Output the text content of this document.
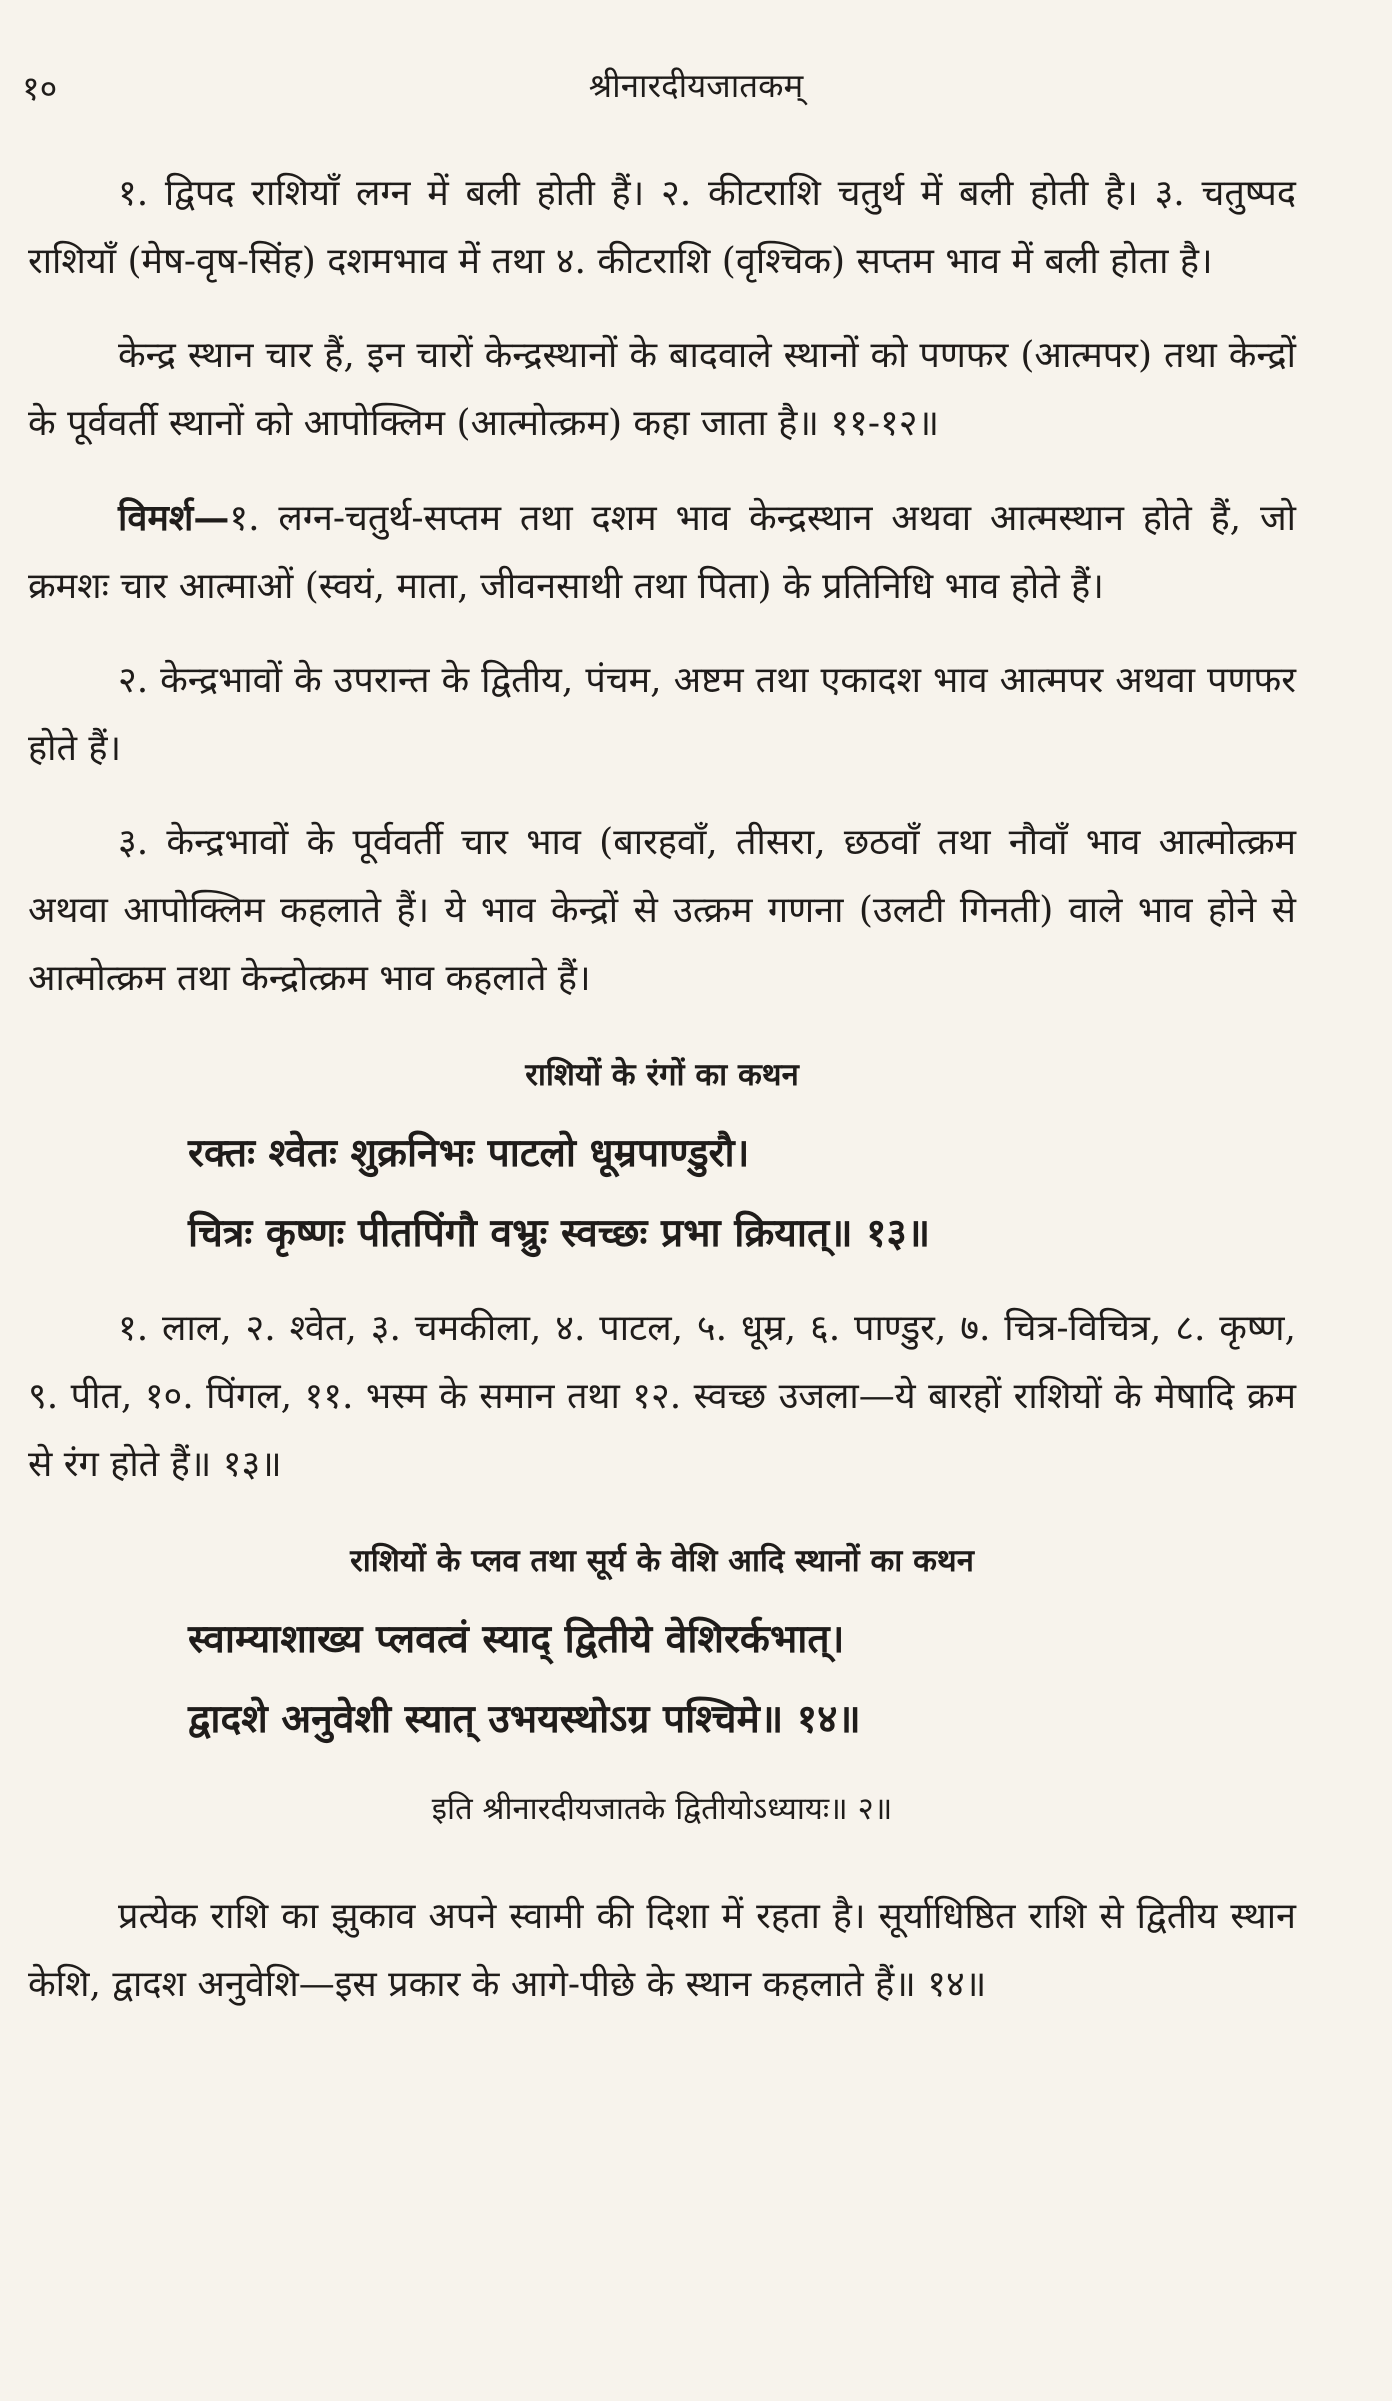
१०	श्रीनारदीयजातकम्

१. द्विपद राशियाँ लग्न में बली होती हैं। २. कीटराशि चतुर्थ में बली होती है। ३. चतुष्पद राशियाँ (मेष-वृष-सिंह) दशमभाव में तथा ४. कीटराशि (वृश्चिक) सप्तम भाव में बली होता है।

केन्द्र स्थान चार हैं, इन चारों केन्द्रस्थानों के बादवाले स्थानों को पणफर (आत्मपर) तथा केन्द्रों के पूर्ववर्ती स्थानों को आपोक्लिम (आत्मोत्क्रम) कहा जाता है॥ ११-१२॥

विमर्श—१. लग्न-चतुर्थ-सप्तम तथा दशम भाव केन्द्रस्थान अथवा आत्मस्थान होते हैं, जो क्रमशः चार आत्माओं (स्वयं, माता, जीवनसाथी तथा पिता) के प्रतिनिधि भाव होते हैं।

२. केन्द्रभावों के उपरान्त के द्वितीय, पंचम, अष्टम तथा एकादश भाव आत्मपर अथवा पणफर होते हैं।

३. केन्द्रभावों के पूर्ववर्ती चार भाव (बारहवाँ, तीसरा, छठवाँ तथा नौवाँ भाव आत्मोत्क्रम अथवा आपोक्लिम कहलाते हैं। ये भाव केन्द्रों से उत्क्रम गणना (उलटी गिनती) वाले भाव होने से आत्मोत्क्रम तथा केन्द्रोत्क्रम भाव कहलाते हैं।

राशियों के रंगों का कथन

रक्तः श्वेतः शुक्रनिभः पाटलो धूम्रपाण्डुरौ।

चित्रः कृष्णः पीतपिंगौ वभ्रुः स्वच्छः प्रभा क्रियात्॥ १३॥

१. लाल, २. श्वेत, ३. चमकीला, ४. पाटल, ५. धूम्र, ६. पाण्डुर, ७. चित्र-विचित्र, ८. कृष्ण, ९. पीत, १०. पिंगल, ११. भस्म के समान तथा १२. स्वच्छ उजला—ये बारहों राशियों के मेषादि क्रम से रंग होते हैं॥ १३॥

राशियों के प्लव तथा सूर्य के वेशि आदि स्थानों का कथन

स्वाम्याशाख्य प्लवत्वं स्याद् द्वितीये वेशिरर्कभात्।

द्वादशे अनुवेशी स्यात् उभयस्थोऽग्र पश्चिमे॥ १४॥

इति श्रीनारदीयजातके द्वितीयोऽध्यायः॥ २॥

प्रत्येक राशि का झुकाव अपने स्वामी की दिशा में रहता है। सूर्याधिष्ठित राशि से द्वितीय स्थान केशि, द्वादश अनुवेशि—इस प्रकार के आगे-पीछे के स्थान कहलाते हैं॥ १४॥
